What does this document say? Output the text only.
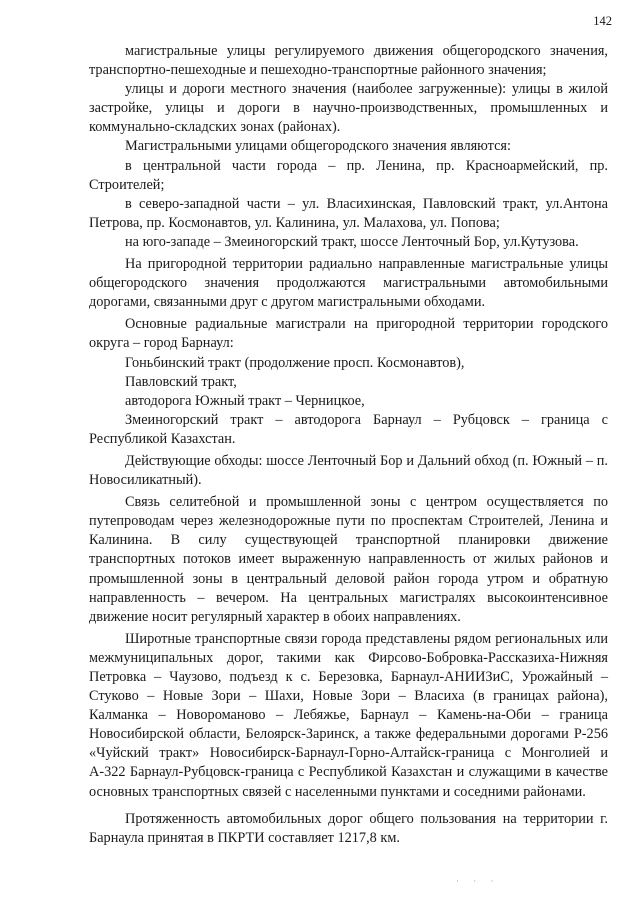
142

магистральные улицы регулируемого движения общегородского значения, транспортно-пешеходные и пешеходно-транспортные районного значения;

улицы и дороги местного значения (наиболее загруженные): улицы в жилой застройке, улицы и дороги в научно-производственных, промышленных и коммунально-складских зонах (районах).

Магистральными улицами общегородского значения являются:

в центральной части города – пр. Ленина, пр. Красноармейский, пр. Строителей;

в северо-западной части – ул. Власихинская, Павловский тракт, ул.Антона Петрова, пр. Космонавтов, ул. Калинина, ул. Малахова, ул. Попова;

на юго-западе – Змеиногорский тракт, шоссе Ленточный Бор, ул.Кутузова.

На пригородной территории радиально направленные магистральные улицы общегородского значения продолжаются магистральными автомобильными дорогами, связанными друг с другом магистральными обходами.

Основные радиальные магистрали на пригородной территории городского округа – город Барнаул:

Гоньбинский тракт (продолжение просп. Космонавтов),

Павловский тракт,

автодорога Южный тракт – Черницкое,

Змеиногорский тракт – автодорога Барнаул – Рубцовск – граница с Республикой Казахстан.

Действующие обходы: шоссе Ленточный Бор и Дальний обход (п. Южный – п. Новосиликатный).

Связь селитебной и промышленной зоны с центром осуществляется по путепроводам через железнодорожные пути по проспектам Строителей, Ленина и Калинина. В силу существующей транспортной планировки движение транспортных потоков имеет выраженную направленность от жилых районов и промышленной зоны в центральный деловой район города утром и обратную направленность – вечером. На центральных магистралях высокоинтенсивное движение носит регулярный характер в обоих направлениях.

Широтные транспортные связи города представлены рядом региональных или межмуниципальных дорог, такими как Фирсово-Бобровка-Рассказиха-Нижняя Петровка – Чаузово, подъезд к с. Березовка, Барнаул-АНИИЗиС, Урожайный – Стуково – Новые Зори – Шахи, Новые Зори – Власиха (в границах района), Калманка – Новороманово – Лебяжье, Барнаул – Камень-на-Оби – граница Новосибирской области, Белоярск-Заринск, а также федеральными дорогами Р-256 «Чуйский тракт» Новосибирск-Барнаул-Горно-Алтайск-граница с Монголией и А-322 Барнаул-Рубцовск-граница с Республикой Казахстан и служащими в качестве основных транспортных связей с населенными пунктами и соседними районами.

Протяженность автомобильных дорог общего пользования на территории г. Барнаула принятая в ПКРТИ составляет 1217,8 км.

· · ·
